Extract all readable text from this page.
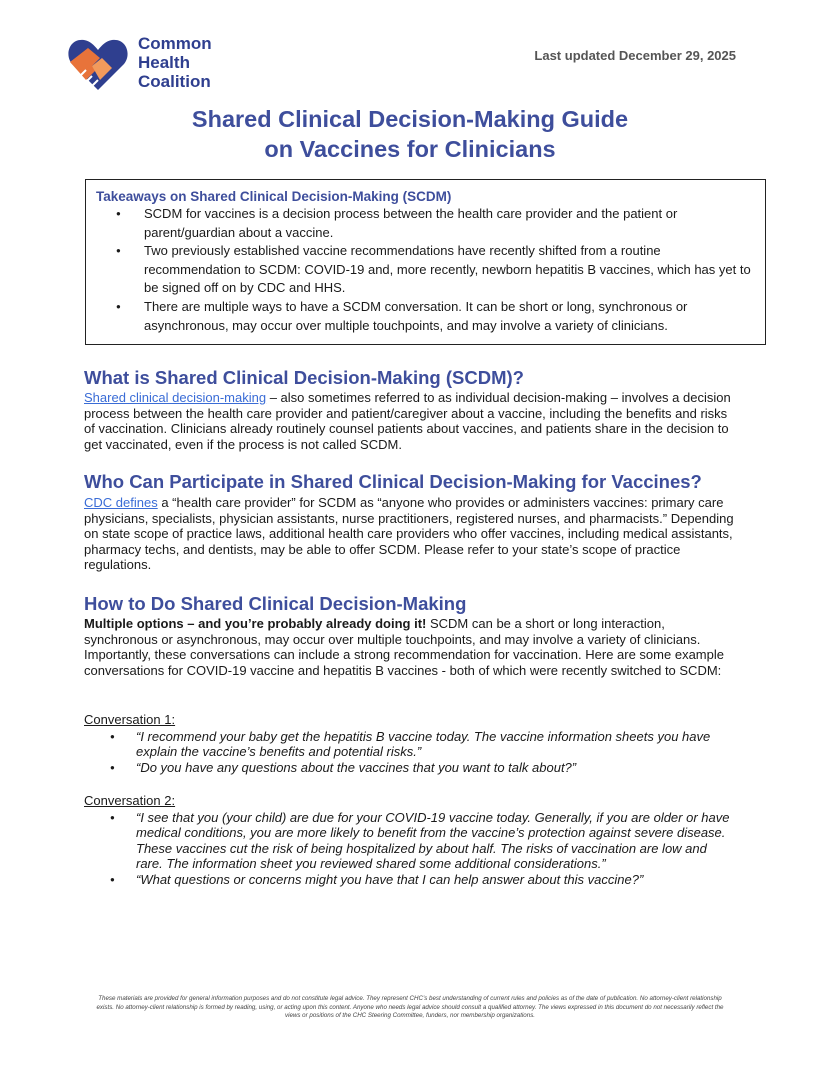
Common
Health
Coalition
Last updated December 29, 2025
Shared Clinical Decision-Making Guide
on Vaccines for Clinicians
Takeaways on Shared Clinical Decision-Making (SCDM)
● SCDM for vaccines is a decision process between the health care provider and the patient or parent/guardian about a vaccine.
● Two previously established vaccine recommendations have recently shifted from a routine recommendation to SCDM: COVID-19 and, more recently, newborn hepatitis B vaccines, which has yet to be signed off on by CDC and HHS.
● There are multiple ways to have a SCDM conversation. It can be short or long, synchronous or asynchronous, may occur over multiple touchpoints, and may involve a variety of clinicians.
What is Shared Clinical Decision-Making (SCDM)?

Shared clinical decision-making – also sometimes referred to as individual decision-making – involves a decision process between the health care provider and patient/caregiver about a vaccine, including the benefits and risks of vaccination. Clinicians already routinely counsel patients about vaccines, and patients share in the decision to get vaccinated, even if the process is not called SCDM.

Who Can Participate in Shared Clinical Decision-Making for Vaccines?

CDC defines a “health care provider” for SCDM as “anyone who provides or administers vaccines: primary care physicians, specialists, physician assistants, nurse practitioners, registered nurses, and pharmacists.” Depending on state scope of practice laws, additional health care providers who offer vaccines, including medical assistants, pharmacy techs, and dentists, may be able to offer SCDM. Please refer to your state’s scope of practice regulations.

How to Do Shared Clinical Decision-Making

Multiple options – and you’re probably already doing it! SCDM can be a short or long interaction, synchronous or asynchronous, may occur over multiple touchpoints, and may involve a variety of clinicians. Importantly, these conversations can include a strong recommendation for vaccination. Here are some example conversations for COVID-19 vaccine and hepatitis B vaccines - both of which were recently switched to SCDM:

Conversation 1:
● “I recommend your baby get the hepatitis B vaccine today. The vaccine information sheets you have explain the vaccine’s benefits and potential risks.”
● “Do you have any questions about the vaccines that you want to talk about?”
Conversation 2:
● “I see that you (your child) are due for your COVID-19 vaccine today. Generally, if you are older or have medical conditions, you are more likely to benefit from the vaccine’s protection against severe disease. These vaccines cut the risk of being hospitalized by about half. The risks of vaccination are low and rare. The information sheet you reviewed shared some additional considerations.”
● “What questions or concerns might you have that I can help answer about this vaccine?”
These materials are provided for general information purposes and do not constitute legal advice. They represent CHC’s best understanding of current rules and policies as of the date of publication. No attorney-client relationship exists. No attorney-client relationship is formed by reading, using, or acting upon this content. Anyone who needs legal advice should consult a qualified attorney. The views expressed in this document do not necessarily reflect the views or positions of the CHC Steering Committee, funders, nor membership organizations.
